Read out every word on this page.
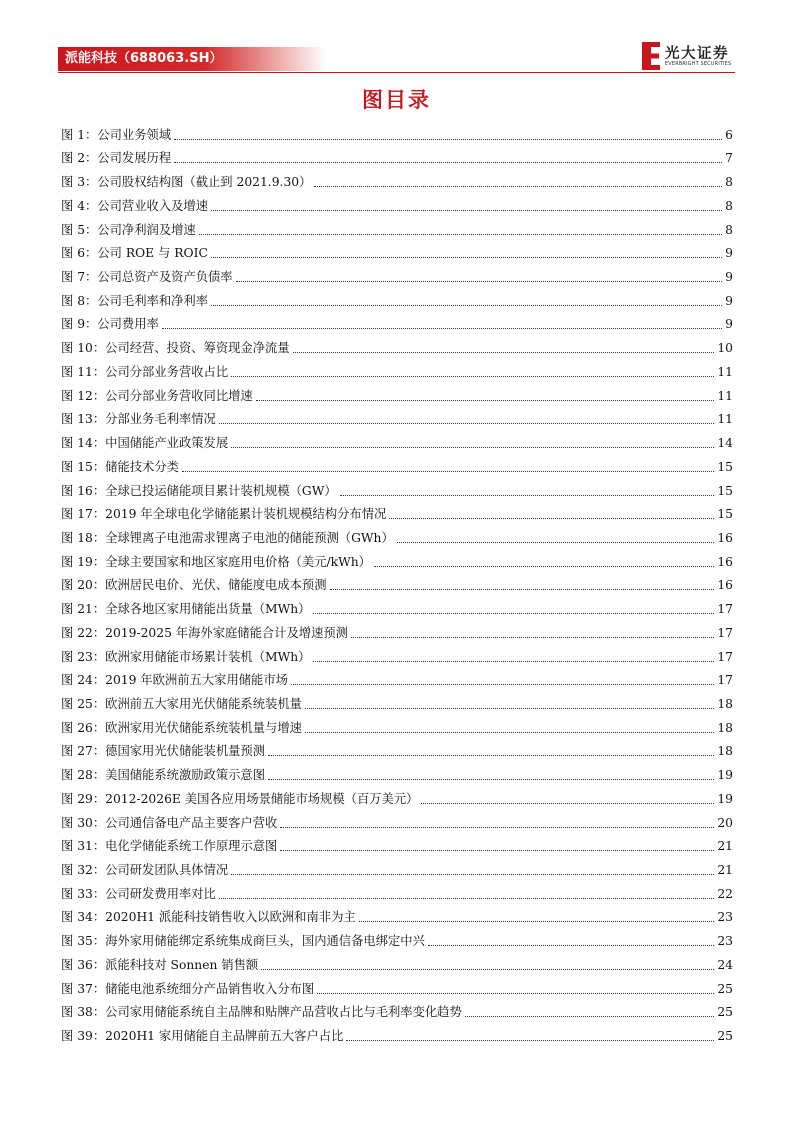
派能科技（688063.SH）	光大证券
EVERBRIGHT SECURITIES
图目录
图 1： 公司业务领域	6
图 2： 公司发展历程	7
图 3： 公司股权结构图（截止到 2021.9.30）	8
图 4： 公司营业收入及增速	8
图 5： 公司净利润及增速	8
图 6： 公司 ROE 与 ROIC	9
图 7： 公司总资产及资产负债率	9
图 8： 公司毛利率和净利率	9
图 9： 公司费用率	9
图 10： 公司经营、投资、筹资现金净流量	10
图 11： 公司分部业务营收占比	11
图 12： 公司分部业务营收同比增速	11
图 13： 分部业务毛利率情况	11
图 14： 中国储能产业政策发展	14
图 15： 储能技术分类	15
图 16： 全球已投运储能项目累计装机规模（GW）	15
图 17： 2019 年全球电化学储能累计装机规模结构分布情况	15
图 18： 全球锂离子电池需求锂离子电池的储能预测（GWh）	16
图 19： 全球主要国家和地区家庭用电价格（美元/kWh）	16
图 20： 欧洲居民电价、光伏、储能度电成本预测	16
图 21： 全球各地区家用储能出货量（MWh）	17
图 22： 2019-2025 年海外家庭储能合计及增速预测	17
图 23： 欧洲家用储能市场累计装机（MWh）	17
图 24： 2019 年欧洲前五大家用储能市场	17
图 25： 欧洲前五大家用光伏储能系统装机量	18
图 26： 欧洲家用光伏储能系统装机量与增速	18
图 27： 德国家用光伏储能装机量预测	18
图 28： 美国储能系统激励政策示意图	19
图 29： 2012-2026E 美国各应用场景储能市场规模（百万美元）	19
图 30： 公司通信备电产品主要客户营收	20
图 31： 电化学储能系统工作原理示意图	21
图 32： 公司研发团队具体情况	21
图 33： 公司研发费用率对比	22
图 34： 2020H1 派能科技销售收入以欧洲和南非为主	23
图 35： 海外家用储能绑定系统集成商巨头，国内通信备电绑定中兴	23
图 36： 派能科技对 Sonnen 销售额	24
图 37： 储能电池系统细分产品销售收入分布图	25
图 38： 公司家用储能系统自主品牌和贴牌产品营收占比与毛利率变化趋势	25
图 39： 2020H1 家用储能自主品牌前五大客户占比	25
